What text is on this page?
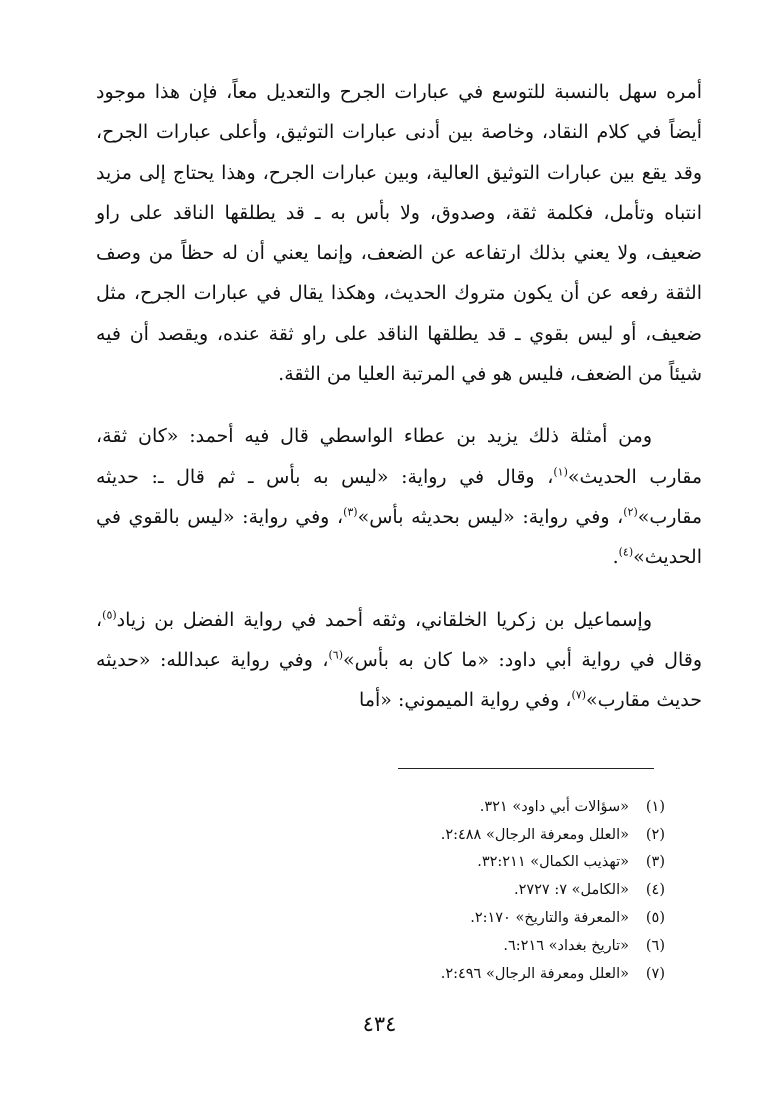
أمره سهل بالنسبة للتوسع في عبارات الجرح والتعديل معاً، فإن هذا موجود أيضاً في كلام النقاد، وخاصة بين أدنى عبارات التوثيق، وأعلى عبارات الجرح، وقد يقع بين عبارات التوثيق العالية، وبين عبارات الجرح، وهذا يحتاج إلى مزيد انتباه وتأمل، فكلمة ثقة، وصدوق، ولا بأس به ـ قد يطلقها الناقد على راو ضعيف، ولا يعني بذلك ارتفاعه عن الضعف، وإنما يعني أن له حظاً من وصف الثقة رفعه عن أن يكون متروك الحديث، وهكذا يقال في عبارات الجرح، مثل ضعيف، أو ليس بقوي ـ قد يطلقها الناقد على راو ثقة عنده، ويقصد أن فيه شيئاً من الضعف، فليس هو في المرتبة العليا من الثقة.

ومن أمثلة ذلك يزيد بن عطاء الواسطي قال فيه أحمد: «كان ثقة، مقارب الحديث»$^{(١)}$، وقال في رواية: «ليس به بأس ـ ثم قال ـ: حديثه مقارب»$^{(٢)}$، وفي رواية: «ليس بحديثه بأس»$^{(٣)}$، وفي رواية: «ليس بالقوي في الحديث»$^{(٤)}$.

وإسماعيل بن زكريا الخلقاني، وثقه أحمد في رواية الفضل بن زياد$^{(٥)}$، وقال في رواية أبي داود: «ما كان به بأس»$^{(٦)}$، وفي رواية عبدالله: «حديثه حديث مقارب»$^{(٧)}$، وفي رواية الميموني: «أما

(١)
«سؤالات أبي داود» ٣٢١.
(٢)
«العلل ومعرفة الرجال» ٢:٤٨٨.
(٣)
«تهذيب الكمال» ٣٢:٢١١.
(٤)
«الكامل» ٧: ٢٧٢٧.
(٥)
«المعرفة والتاريخ» ٢:١٧٠.
(٦)
«تاريخ بغداد» ٦:٢١٦.
(٧)
«العلل ومعرفة الرجال» ٢:٤٩٦.
٤٣٤
